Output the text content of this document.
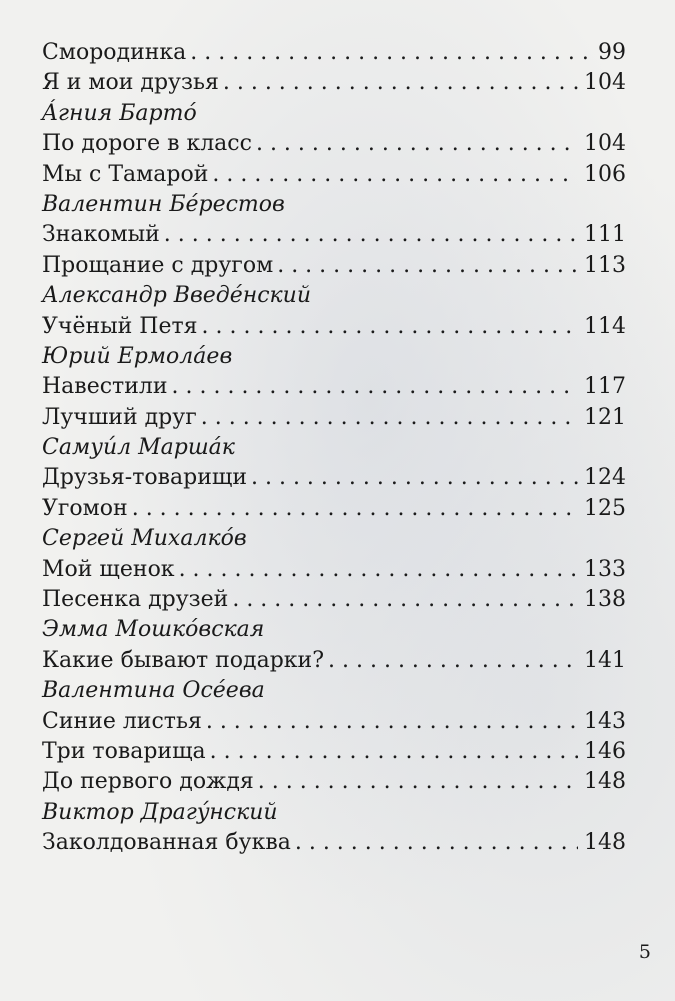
Смородинка . . .	99
Я и мои друзья . . .	104
Áгния Бартó
По дороге в класс . . .	104
Мы с Тамарой . . .	106
Валентин Бéрестов
Знакомый . . .	111
Прощание с другом . . .	113
Александр Введéнский
Учёный Петя . . .	114
Юрий Ермолáев
Навестили . . .	117
Лучший друг . . .	121
Самуи́л Маршáк
Друзья-товарищи . . .	124
Угомон . . .	125
Сергей Михалкóв
Мой щенок . . .	133
Песенка друзей . . .	138
Эмма Мошкóвская
Какие бывают подарки? . . .	141
Валентина Осéева
Синие листья . . .	143
Три товарища . . .	146
До первого дождя . . .	148
Виктор Драгýнский
Заколдованная буква . . .	148
5
